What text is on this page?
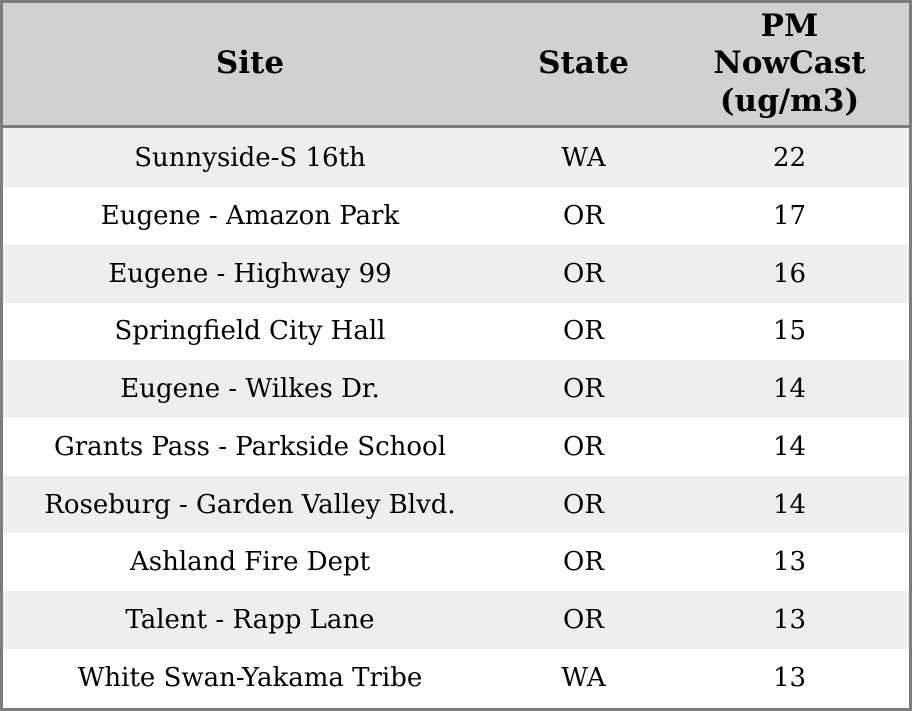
Site	State	PM NowCast (ug/m3)

Sunnyside-S 16th	WA	22
Eugene - Amazon Park	OR	17
Eugene - Highway 99	OR	16
Springfield City Hall	OR	15
Eugene - Wilkes Dr.	OR	14
Grants Pass - Parkside School	OR	14
Roseburg - Garden Valley Blvd.	OR	14
Ashland Fire Dept	OR	13
Talent - Rapp Lane	OR	13
White Swan-Yakama Tribe	WA	13
